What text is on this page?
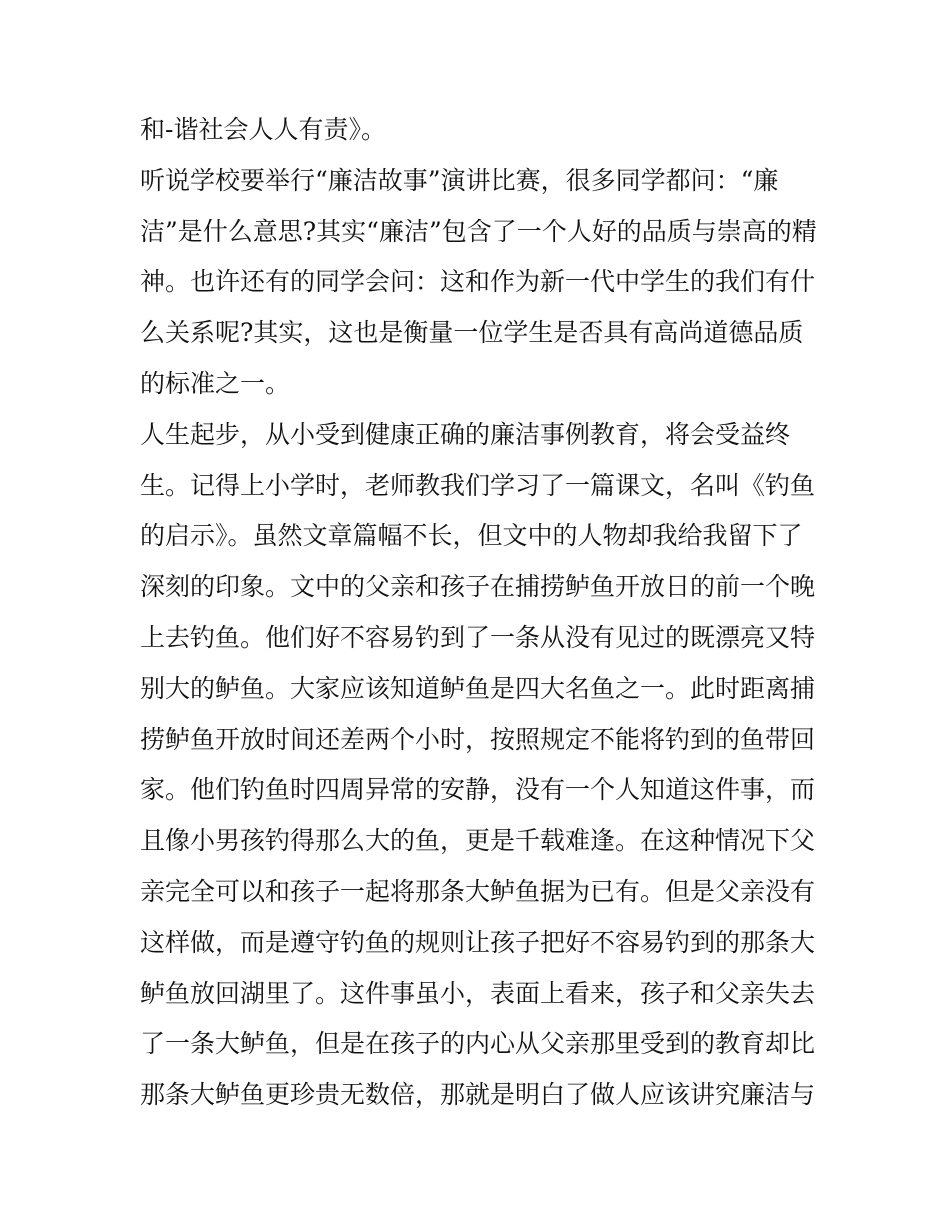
和-谐社会人人有责》。
听说学校要举行“廉洁故事”演讲比赛，很多同学都问：“廉
洁”是什么意思?其实“廉洁”包含了一个人好的品质与崇高的精
神。也许还有的同学会问：这和作为新一代中学生的我们有什
么关系呢?其实，这也是衡量一位学生是否具有高尚道德品质
的标准之一。
人生起步，从小受到健康正确的廉洁事例教育，将会受益终
生。记得上小学时，老师教我们学习了一篇课文，名叫《钓鱼
的启示》。虽然文章篇幅不长，但文中的人物却我给我留下了
深刻的印象。文中的父亲和孩子在捕捞鲈鱼开放日的前一个晚
上去钓鱼。他们好不容易钓到了一条从没有见过的既漂亮又特
别大的鲈鱼。大家应该知道鲈鱼是四大名鱼之一。此时距离捕
捞鲈鱼开放时间还差两个小时，按照规定不能将钓到的鱼带回
家。他们钓鱼时四周异常的安静，没有一个人知道这件事，而
且像小男孩钓得那么大的鱼，更是千载难逢。在这种情况下父
亲完全可以和孩子一起将那条大鲈鱼据为已有。但是父亲没有
这样做，而是遵守钓鱼的规则让孩子把好不容易钓到的那条大
鲈鱼放回湖里了。这件事虽小，表面上看来，孩子和父亲失去
了一条大鲈鱼，但是在孩子的内心从父亲那里受到的教育却比
那条大鲈鱼更珍贵无数倍，那就是明白了做人应该讲究廉洁与
